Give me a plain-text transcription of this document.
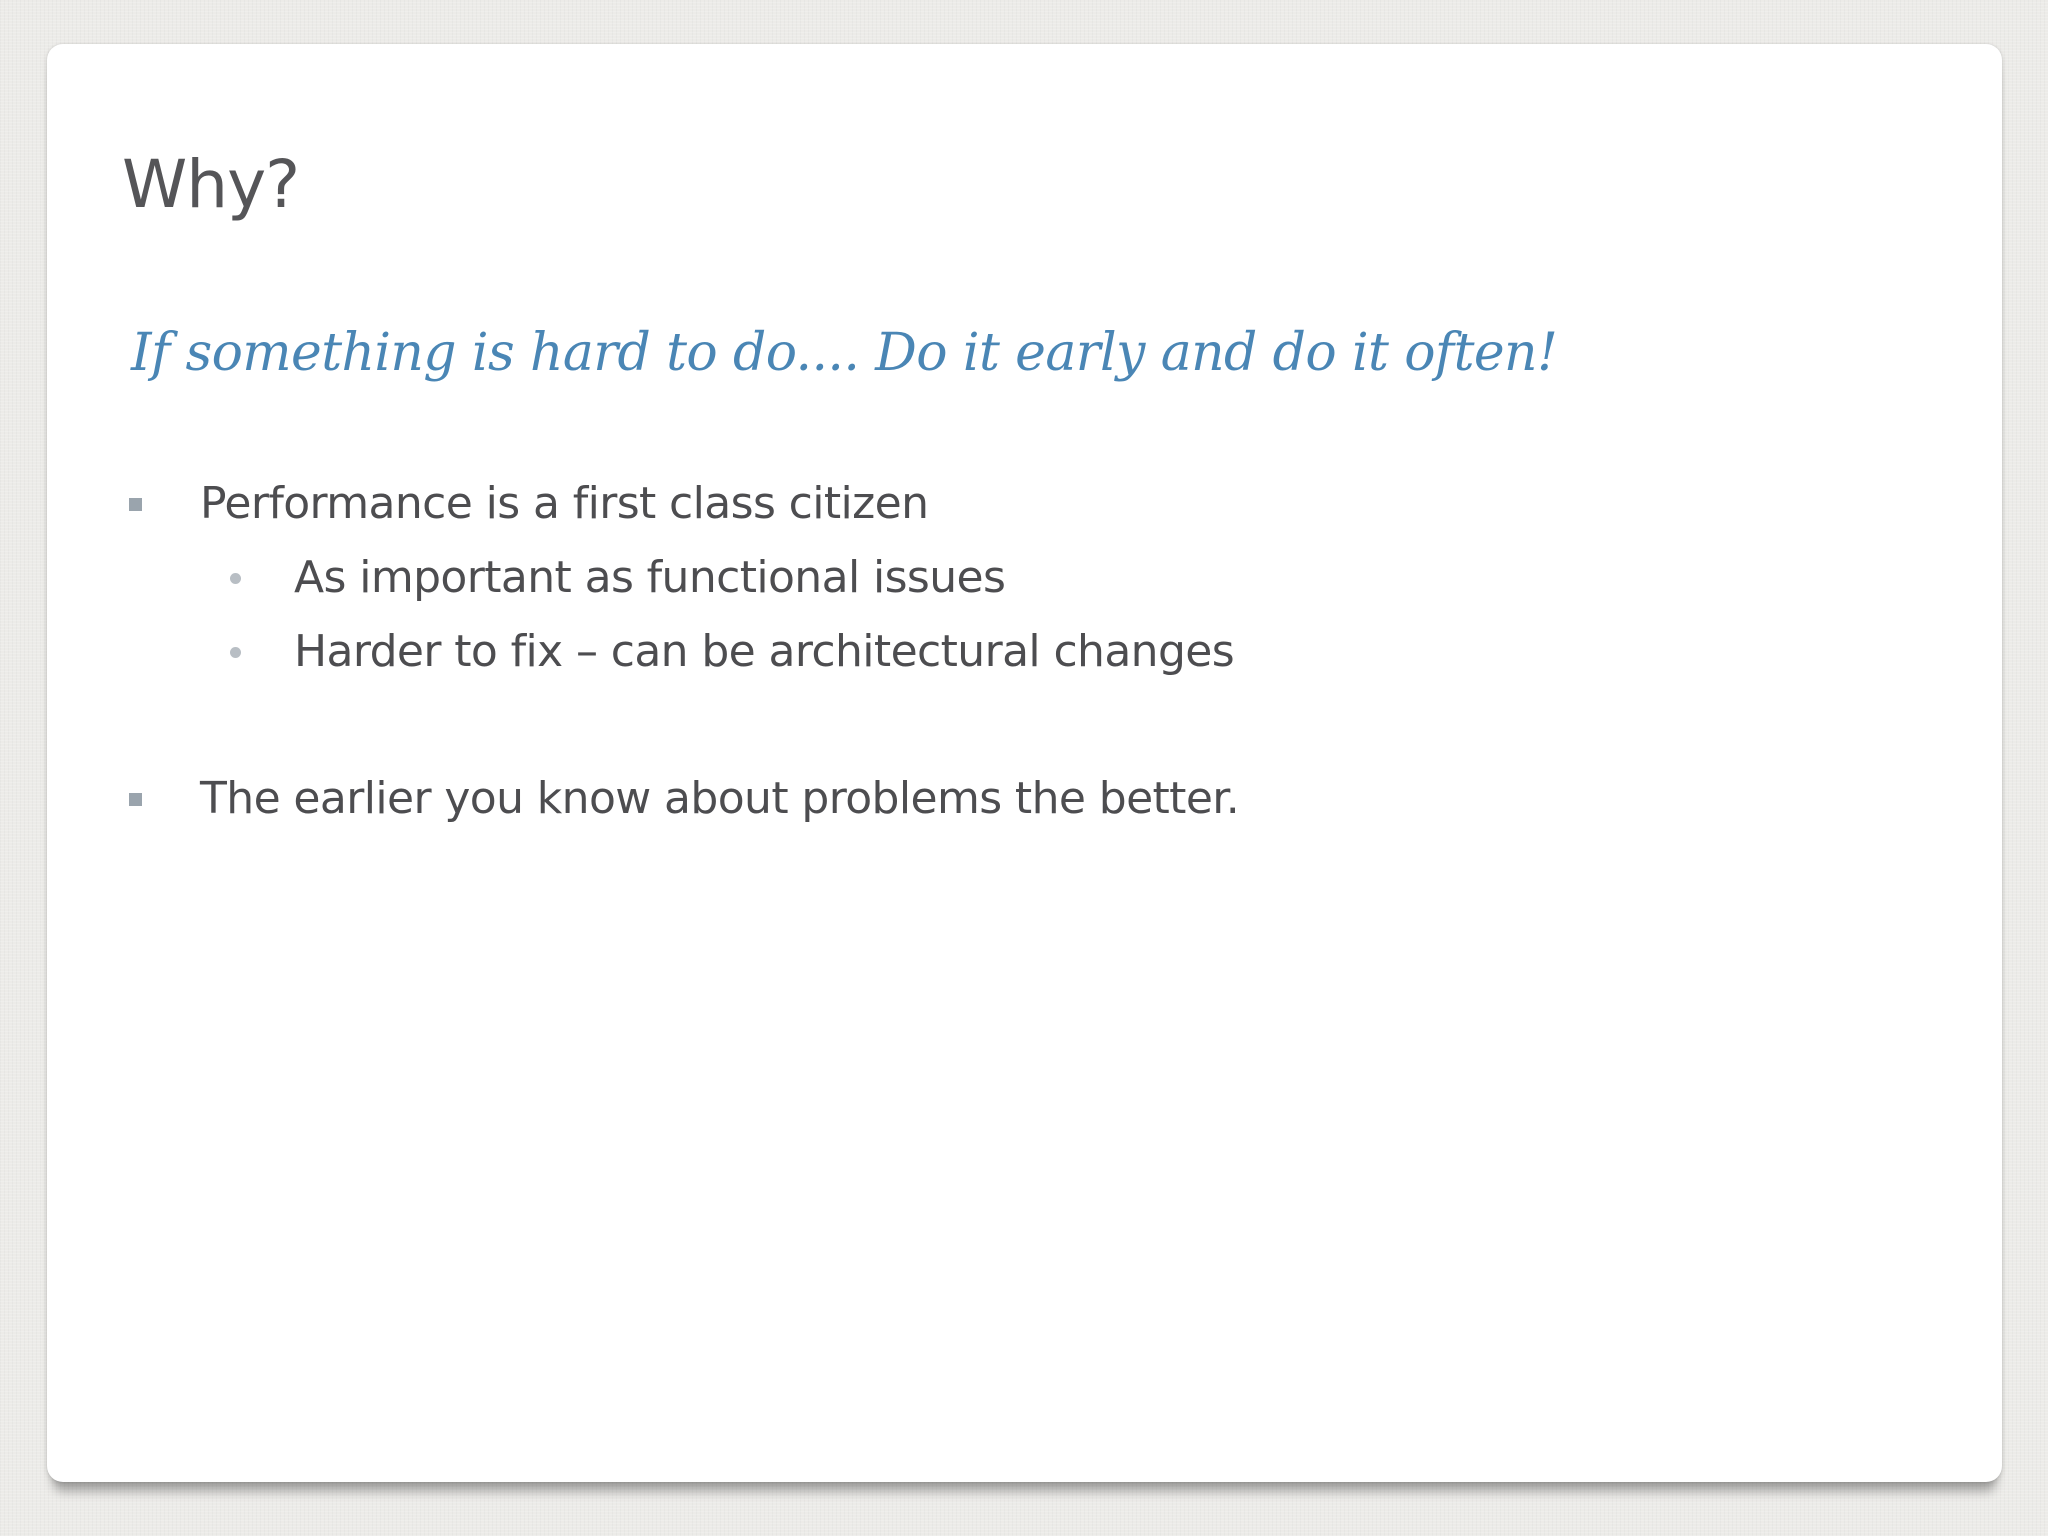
Why?

If something is hard to do.... Do it early and do it often!

Performance is a first class citizen
As important as functional issues
Harder to fix – can be architectural changes
The earlier you know about problems the better.
